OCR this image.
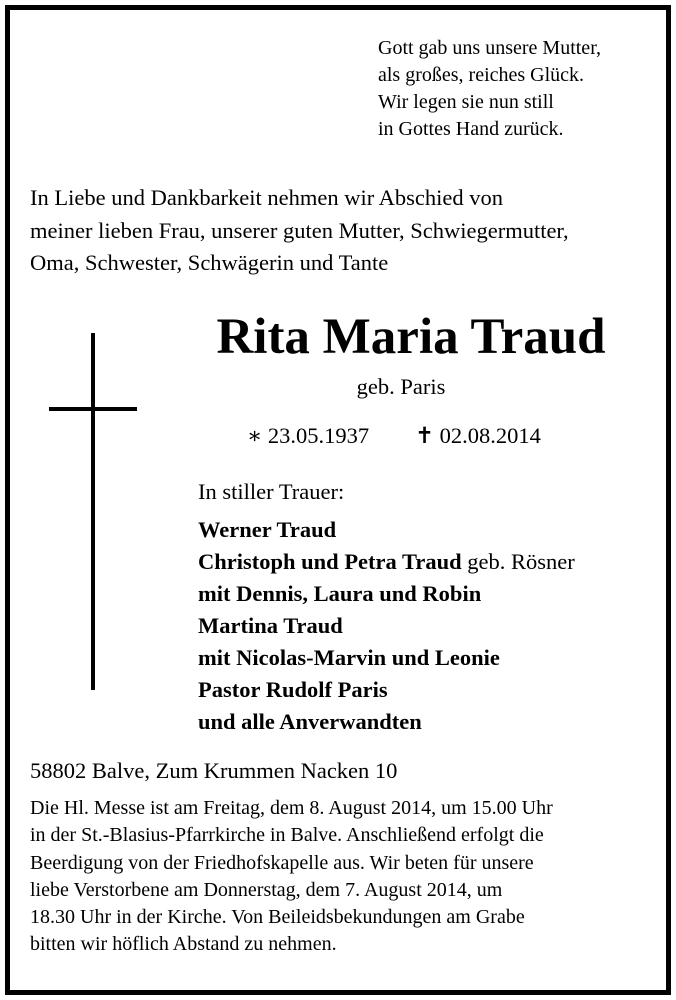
Gott gab uns unsere Mutter,
als großes, reiches Glück.
Wir legen sie nun still
in Gottes Hand zurück.
In Liebe und Dankbarkeit nehmen wir Abschied von
meiner lieben Frau, unserer guten Mutter, Schwiegermutter,
Oma, Schwester, Schwägerin und Tante
Rita Maria Traud
geb. Paris
∗ 23.05.1937 ✝ 02.08.2014
In stiller Trauer:
Werner Traud
Christoph und Petra Traud geb. Rösner
mit Dennis, Laura und Robin
Martina Traud
mit Nicolas-Marvin und Leonie
Pastor Rudolf Paris
und alle Anverwandten
58802 Balve, Zum Krummen Nacken 10
Die Hl. Messe ist am Freitag, dem 8. August 2014, um 15.00 Uhr
in der St.-Blasius-Pfarrkirche in Balve. Anschließend erfolgt die
Beerdigung von der Friedhofskapelle aus. Wir beten für unsere
liebe Verstorbene am Donnerstag, dem 7. August 2014, um
18.30 Uhr in der Kirche. Von Beileidsbekundungen am Grabe
bitten wir höflich Abstand zu nehmen.
